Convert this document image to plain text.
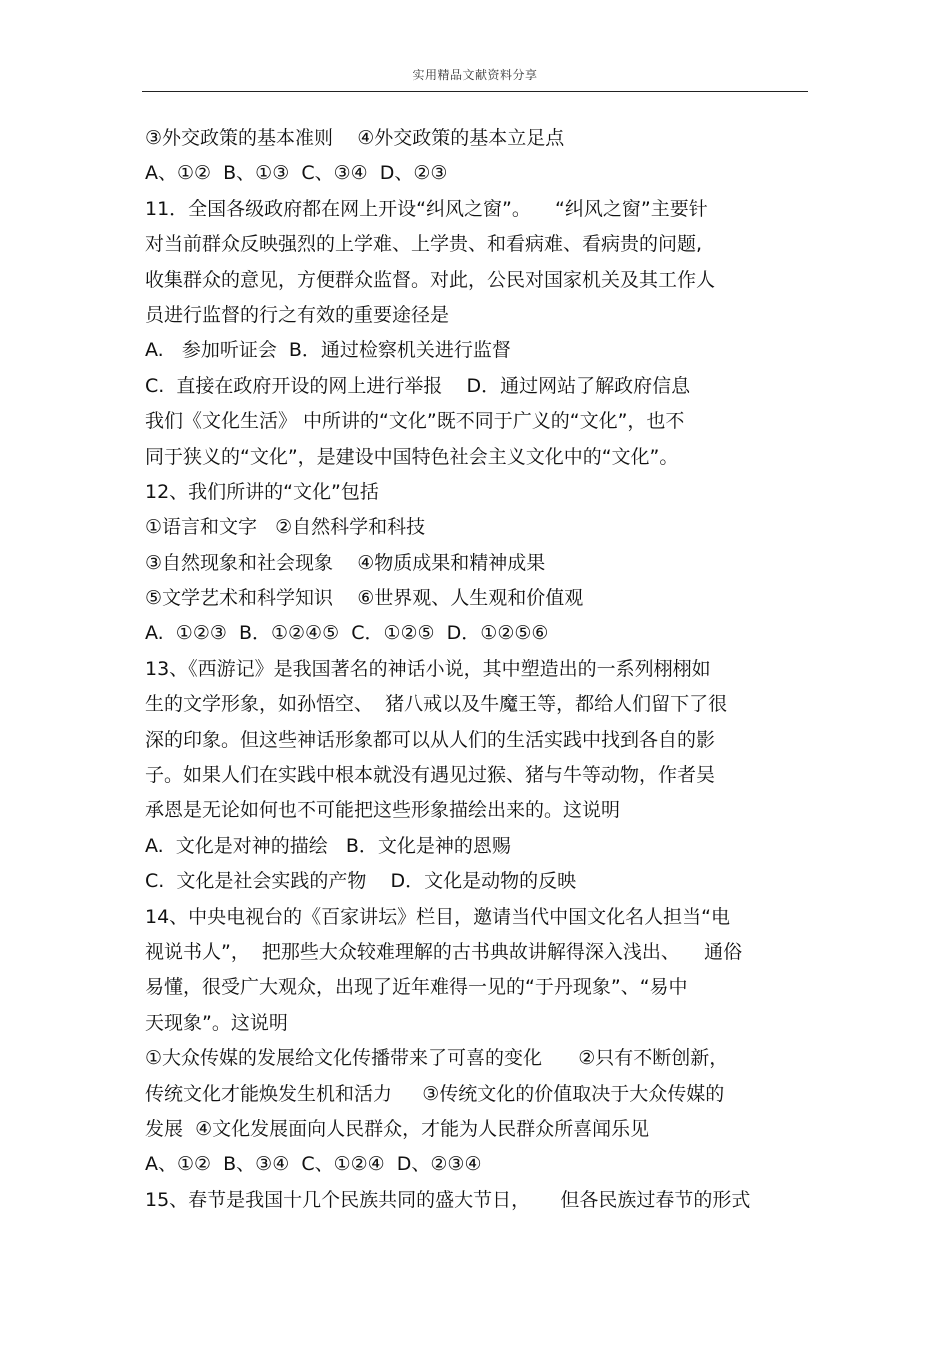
实用精品文献资料分享
③外交政策的基本准则    ④外交政策的基本立足点
A、①②  B、①③  C、③④  D、②③
11．全国各级政府都在网上开设“纠风之窗”。    “纠风之窗”主要针
对当前群众反映强烈的上学难、上学贵、和看病难、看病贵的问题,
收集群众的意见，方便群众监督。对此，公民对国家机关及其工作人
员进行监督的行之有效的重要途径是
A.   参加听证会  B．通过检察机关进行监督
C.  直接在政府开设的网上进行举报    D．通过网站了解政府信息
我们《文化生活》 中所讲的“文化”既不同于广义的“文化”，也不
同于狭义的“文化”，是建设中国特色社会主义文化中的“文化”。
12、我们所讲的“文化”包括
①语言和文字   ②自然科学和科技
③自然现象和社会现象    ④物质成果和精神成果
⑤文学艺术和科学知识    ⑥世界观、人生观和价值观
A.  ①②③  B．①②④⑤  C．①②⑤  D．①②⑤⑥
13、《西游记》是我国著名的神话小说，其中塑造出的一系列栩栩如
生的文学形象，如孙悟空、  猪八戒以及牛魔王等，都给人们留下了很
深的印象。但这些神话形象都可以从人们的生活实践中找到各自的影
子。如果人们在实践中根本就没有遇见过猴、猪与牛等动物，作者吴
承恩是无论如何也不可能把这些形象描绘出来的。这说明
A.  文化是对神的描绘   B．文化是神的恩赐
C.  文化是社会实践的产物    D．文化是动物的反映
14、中央电视台的《百家讲坛》栏目，邀请当代中国文化名人担当“电
视说书人”，  把那些大众较难理解的古书典故讲解得深入浅出、    通俗
易懂，很受广大观众，出现了近年难得一见的“于丹现象”、“易中
天现象”。这说明
①大众传媒的发展给文化传播带来了可喜的变化      ②只有不断创新，
传统文化才能焕发生机和活力     ③传统文化的价值取决于大众传媒的
发展  ④文化发展面向人民群众，才能为人民群众所喜闻乐见
A、①②  B、③④  C、①②④  D、②③④
15、春节是我国十几个民族共同的盛大节日，     但各民族过春节的形式
